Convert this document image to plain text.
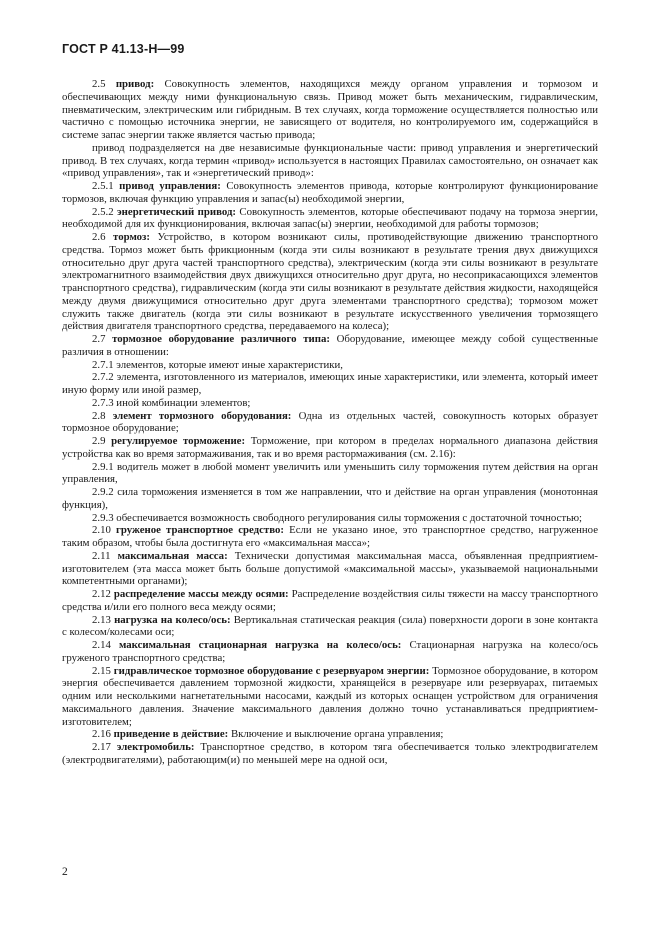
ГОСТ Р 41.13-Н—99

2.5 привод: Совокупность элементов, находящихся между органом управления и тормозом и обеспечивающих между ними функциональную связь. Привод может быть механическим, гидравлическим, пневматическим, электрическим или гибридным. В тех случаях, когда торможение осуществляется полностью или частично с помощью источника энергии, не зависящего от водителя, но контролируемого им, содержащийся в системе запас энергии также является частью привода;

привод подразделяется на две независимые функциональные части: привод управления и энергетический привод. В тех случаях, когда термин «привод» используется в настоящих Правилах самостоятельно, он означает как «привод управления», так и «энергетический привод»:

2.5.1 привод управления: Совокупность элементов привода, которые контролируют функционирование тормозов, включая функцию управления и запас(ы) необходимой энергии,

2.5.2 энергетический привод: Совокупность элементов, которые обеспечивают подачу на тормоза энергии, необходимой для их функционирования, включая запас(ы) энергии, необходимой для работы тормозов;

2.6 тормоз: Устройство, в котором возникают силы, противодействующие движению транспортного средства. Тормоз может быть фрикционным (когда эти силы возникают в результате трения двух движущихся относительно друг друга частей транспортного средства), электрическим (когда эти силы возникают в результате электромагнитного взаимодействия двух движущихся относительно друг друга, но несоприкасающихся элементов транспортного средства), гидравлическим (когда эти силы возникают в результате действия жидкости, находящейся между двумя движущимися относительно друг друга элементами транспортного средства); тормозом может служить также двигатель (когда эти силы возникают в результате искусственного увеличения тормозящего действия двигателя транспортного средства, передаваемого на колеса);

2.7 тормозное оборудование различного типа: Оборудование, имеющее между собой существенные различия в отношении:

2.7.1 элементов, которые имеют иные характеристики,

2.7.2 элемента, изготовленного из материалов, имеющих иные характеристики, или элемента, который имеет иную форму или иной размер,

2.7.3 иной комбинации элементов;

2.8 элемент тормозного оборудования: Одна из отдельных частей, совокупность которых образует тормозное оборудование;

2.9 регулируемое торможение: Торможение, при котором в пределах нормального диапазона действия устройства как во время затормаживания, так и во время растормаживания (см. 2.16):

2.9.1 водитель может в любой момент увеличить или уменьшить силу торможения путем действия на орган управления,

2.9.2 сила торможения изменяется в том же направлении, что и действие на орган управления (монотонная функция),

2.9.3 обеспечивается возможность свободного регулирования силы торможения с достаточной точностью;

2.10 груженое транспортное средство: Если не указано иное, это транспортное средство, нагруженное таким образом, чтобы была достигнута его «максимальная масса»;

2.11 максимальная масса: Технически допустимая максимальная масса, объявленная предприятием-изготовителем (эта масса может быть больше допустимой «максимальной массы», указываемой национальными компетентными органами);

2.12 распределение массы между осями: Распределение воздействия силы тяжести на массу транспортного средства и/или его полного веса между осями;

2.13 нагрузка на колесо/ось: Вертикальная статическая реакция (сила) поверхности дороги в зоне контакта с колесом/колесами оси;

2.14 максимальная стационарная нагрузка на колесо/ось: Стационарная нагрузка на колесо/ось груженого транспортного средства;

2.15 гидравлическое тормозное оборудование с резервуаром энергии: Тормозное оборудование, в котором энергия обеспечивается давлением тормозной жидкости, хранящейся в резервуаре или резервуарах, питаемых одним или несколькими нагнетательными насосами, каждый из которых оснащен устройством для ограничения максимального давления. Значение максимального давления должно точно устанавливаться предприятием-изготовителем;

2.16 приведение в действие: Включение и выключение органа управления;

2.17 электромобиль: Транспортное средство, в котором тяга обеспечивается только электродвигателем (электродвигателями), работающим(и) по меньшей мере на одной оси,

2
